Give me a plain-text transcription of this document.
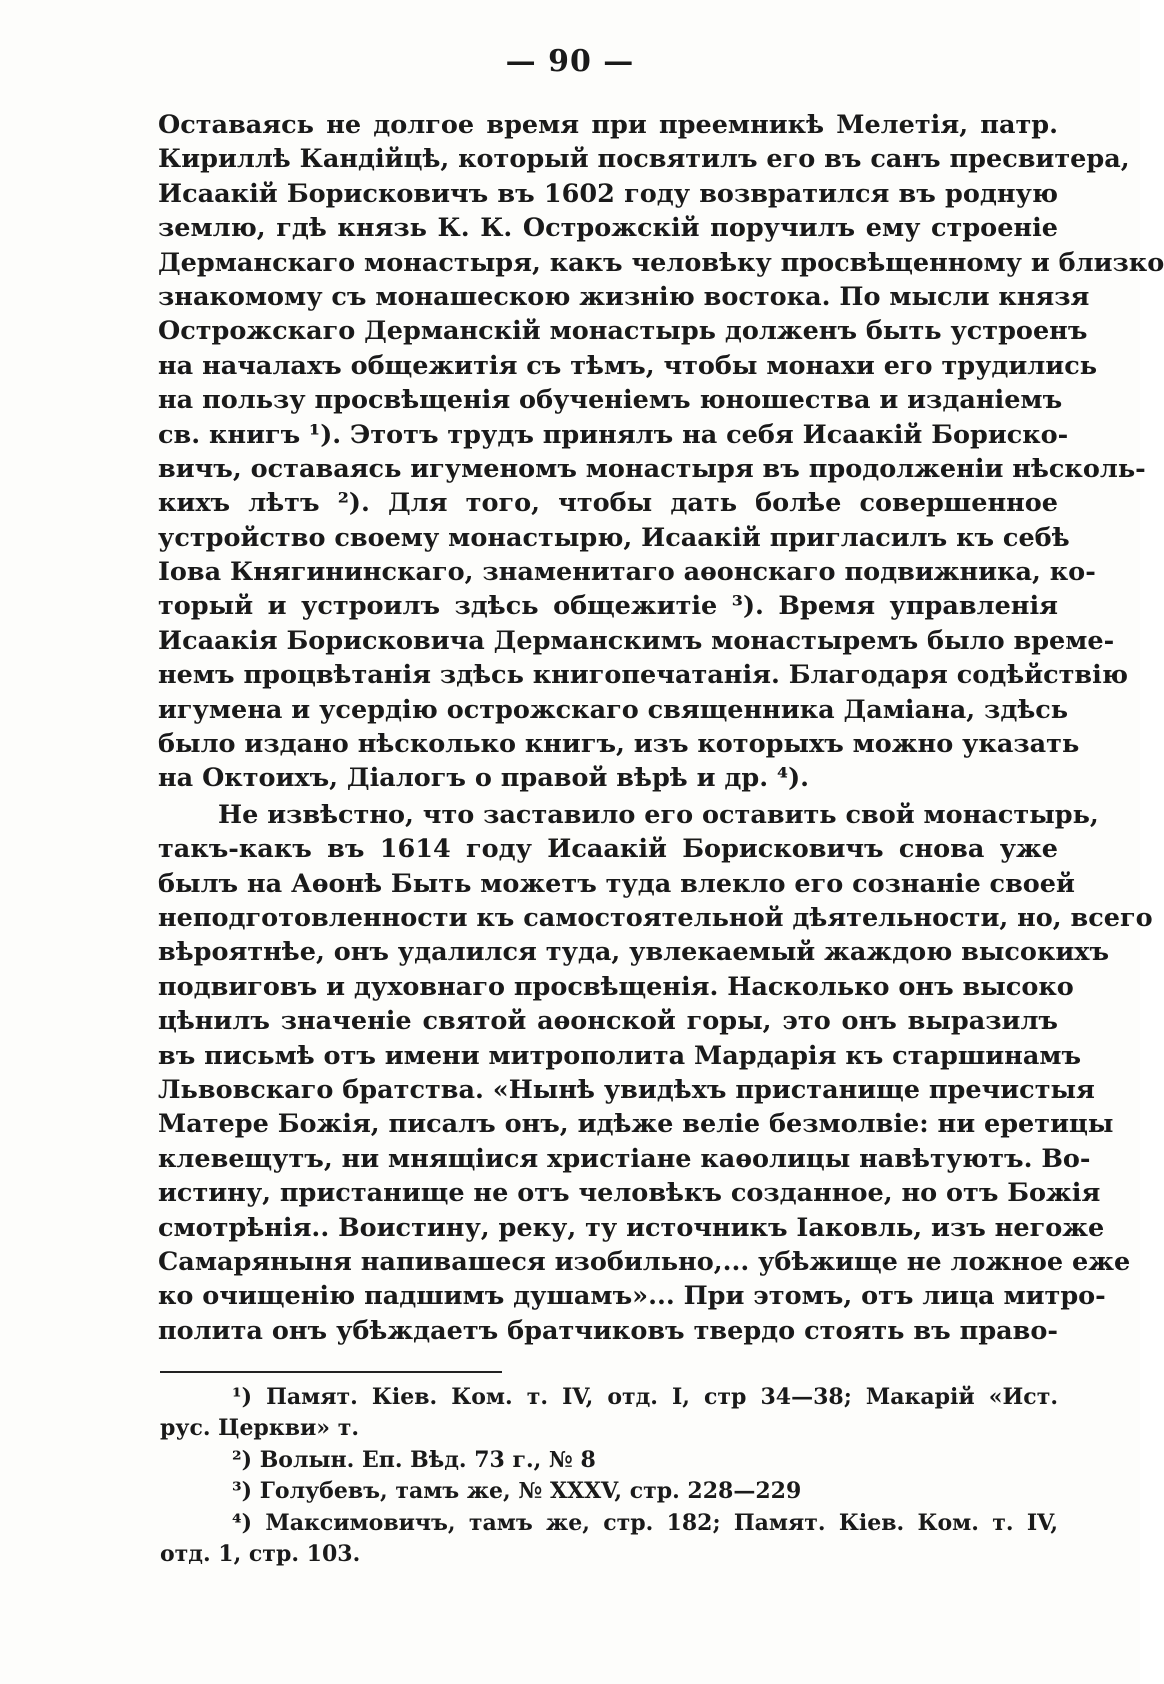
— 90 —
Оставаясь не долгое время при преемникѣ Мелетія, патр.
Кириллѣ Кандійцѣ, который посвятилъ его въ санъ пресвитера,
Исаакій Борисковичъ въ 1602 году возвратился въ родную
землю, гдѣ князь К. К. Острожскій поручилъ ему строеніе
Дерманскаго монастыря, какъ человѣку просвѣщенному и близко
знакомому съ монашескою жизнію востока. По мысли князя
Острожскаго Дерманскій монастырь долженъ быть устроенъ
на началахъ общежитія съ тѣмъ, чтобы монахи его трудились
на пользу просвѣщенія обученіемъ юношества и изданіемъ
св. книгъ ¹). Этотъ трудъ принялъ на себя Исаакій Бориско-
вичъ, оставаясь игуменомъ монастыря въ продолженіи нѣсколь-
кихъ лѣтъ ²). Для того, чтобы дать болѣе совершенное
устройство своему монастырю, Исаакій пригласилъ къ себѣ
Іова Княгининскаго, знаменитаго аѳонскаго подвижника, ко-
торый и устроилъ здѣсь общежитіе ³). Время управленія
Исаакія Борисковича Дерманскимъ монастыремъ было време-
немъ процвѣтанія здѣсь книгопечатанія. Благодаря содѣйствію
игумена и усердію острожскаго священника Даміана, здѣсь
было издано нѣсколько книгъ, изъ которыхъ можно указать
на Октоихъ, Діалогъ о правой вѣрѣ и др. ⁴).
Не извѣстно, что заставило его оставить свой монастырь,
такъ-какъ въ 1614 году Исаакій Борисковичъ снова уже
былъ на Аѳонѣ Быть можетъ туда влекло его сознаніе своей
неподготовленности къ самостоятельной дѣятельности, но, всего
вѣроятнѣе, онъ удалился туда, увлекаемый жаждою высокихъ
подвиговъ и духовнаго просвѣщенія. Насколько онъ высоко
цѣнилъ значеніе святой аѳонской горы, это онъ выразилъ
въ письмѣ отъ имени митрополита Мардарія къ старшинамъ
Львовскаго братства. «Нынѣ увидѣхъ пристанище пречистыя
Матере Божія, писалъ онъ, идѣже веліе безмолвіе: ни еретицы
клевещутъ, ни мнящіися христіане каѳолицы навѣтуютъ. Во-
истину, пристанище не отъ человѣкъ созданное, но отъ Божія
смотрѣнія.. Воистину, реку, ту источникъ Іаковль, изъ негоже
Самаряныня напивашеся изобильно,... убѣжище не ложное еже
ко очищенію падшимъ душамъ»... При этомъ, отъ лица митро-
полита онъ убѣждаетъ братчиковъ твердо стоять въ право-
¹) Памят. Кіев. Ком. т. IV, отд. I, стр 34—38; Макарій «Ист.
рус. Церкви» т.
²) Волын. Еп. Вѣд. 73 г., № 8
³) Голубевъ, тамъ же, № XXXV, стр. 228—229
⁴) Максимовичъ, тамъ же, стр. 182; Памят. Кіев. Ком. т. IV,
отд. 1, стр. 103.
